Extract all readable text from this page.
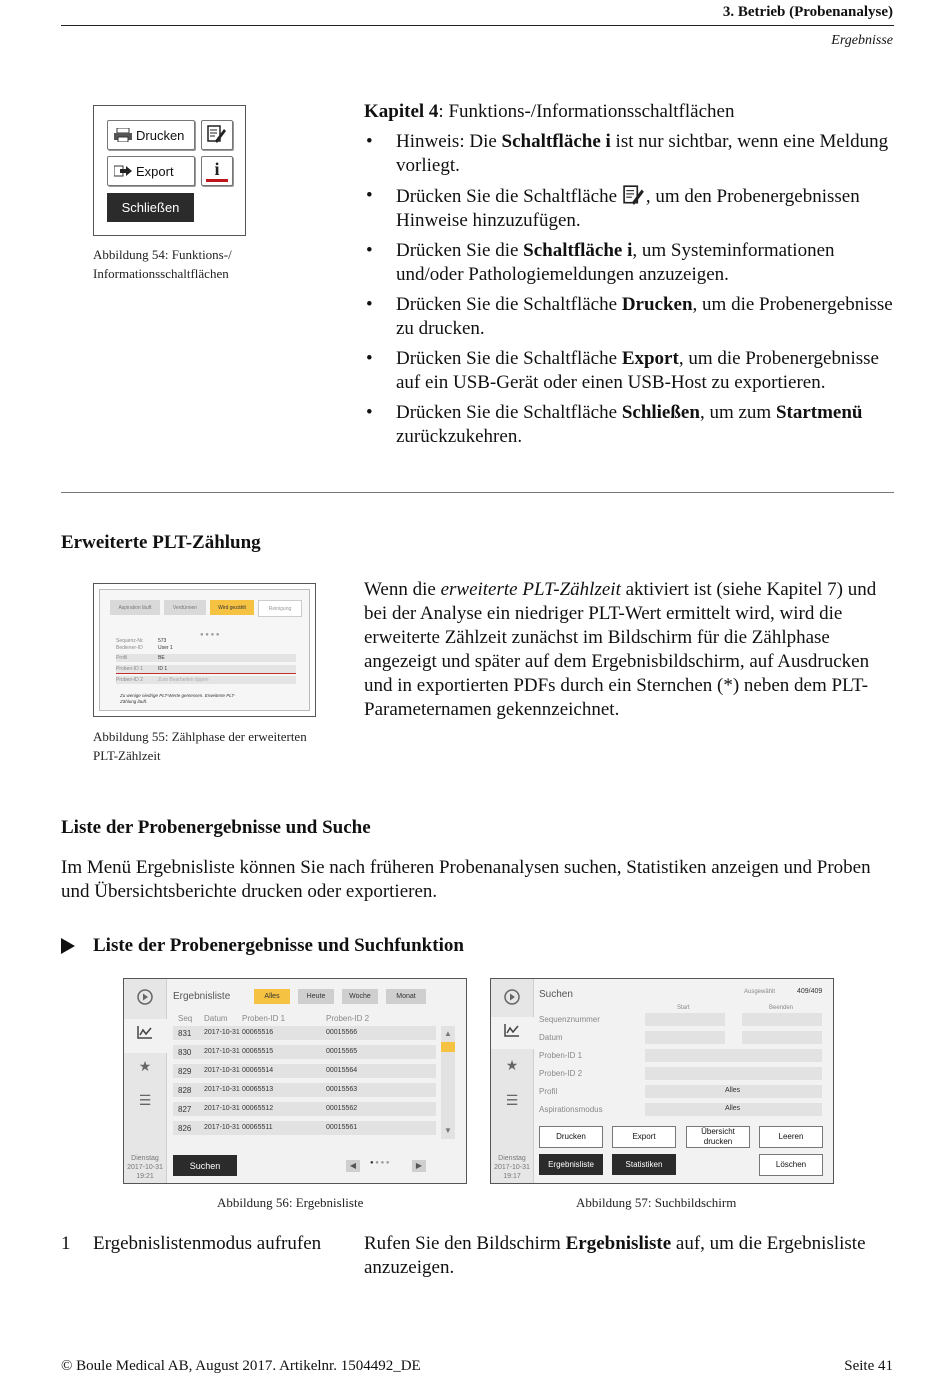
3. Betrieb (Probenanalyse)
Ergebnisse
Drucken
Export i
Schließen
Abbildung 54: Funktions-/
Informationsschaltflächen
Kapitel 4: Funktions-/Informationsschaltflächen
• Hinweis: Die Schaltfläche i ist nur sichtbar, wenn eine Meldung vorliegt.
• Drücken Sie die Schaltfläche , um den Probenergebnissen Hinweise hinzuzufügen.
• Drücken Sie die Schaltfläche i, um Systeminformationen und/oder Pathologiemeldungen anzuzeigen.
• Drücken Sie die Schaltfläche Drucken, um die Probenergebnisse zu drucken.
• Drücken Sie die Schaltfläche Export, um die Probenergebnisse auf ein USB-Gerät oder einen USB-Host zu exportieren.
• Drücken Sie die Schaltfläche Schließen, um zum Startmenü zurückzukehren.
Erweiterte PLT-Zählung
Aspiration läuft	Verdünnen	Wird gezählt	Reinigung
● ● ● ●
Sequenz-Nr.	573
Bediener-ID	User 1
Profil	BE
Proben-ID 1	ID 1
Proben-ID 2	Zum Bearbeiten tippen
Zu wenige niedrige PLT-Werte gemessen. Erweiterte PLT-
Zählung läuft.
Abbildung 55: Zählphase der erweiterten
PLT-Zählzeit
Wenn die erweiterte PLT-Zählzeit aktiviert ist (siehe Kapitel 7) und bei der Analyse ein niedriger PLT-Wert ermittelt wird, wird die erweiterte Zählzeit zunächst im Bildschirm für die Zählphase angezeigt und später auf dem Ergebnisbildschirm, auf Ausdrucken und in exportierten PDFs durch ein Sternchen (*) neben dem PLT-Parameternamen gekennzeichnet.
Liste der Probenergebnisse und Suche
Im Menü Ergebnisliste können Sie nach früheren Probenanalysen suchen, Statistiken anzeigen und Proben und Übersichtsberichte drucken oder exportieren.
Liste der Probenergebnisse und Suchfunktion
★
☰
Dienstag
2017-10-31
19:21
Ergebnisliste	Alles	Heute	Woche	Monat
Seq Datum Proben-ID 1	Proben-ID 2
831 2017-10-31 00065516	00015566
830 2017-10-31 00065515	00015565
829 2017-10-31 00065514	00015564
828 2017-10-31 00065513	00015563
827 2017-10-31 00065512	00015562
826 2017-10-31 00065511	00015561
▲
▼
Suchen	◀	● ● ● ●	▶
Abbildung 56: Ergebnisliste
★
☰
Dienstag
2017-10-31
19:17
Suchen	Ausgewählt	409/409
Start	Beenden
Sequenznummer
Datum
Proben-ID 1
Proben-ID 2
Profil	Alles
Aspirationsmodus	Alles
Drucken	Export
Übersicht drucken
Leeren
Ergebnisliste	Statistiken	Löschen
Abbildung 57: Suchbildschirm
1 Ergebnislistenmodus aufrufen	Rufen Sie den Bildschirm Ergebnisliste auf, um die Ergebnisliste anzuzeigen.
© Boule Medical AB, August 2017. Artikelnr. 1504492_DE	Seite 41
